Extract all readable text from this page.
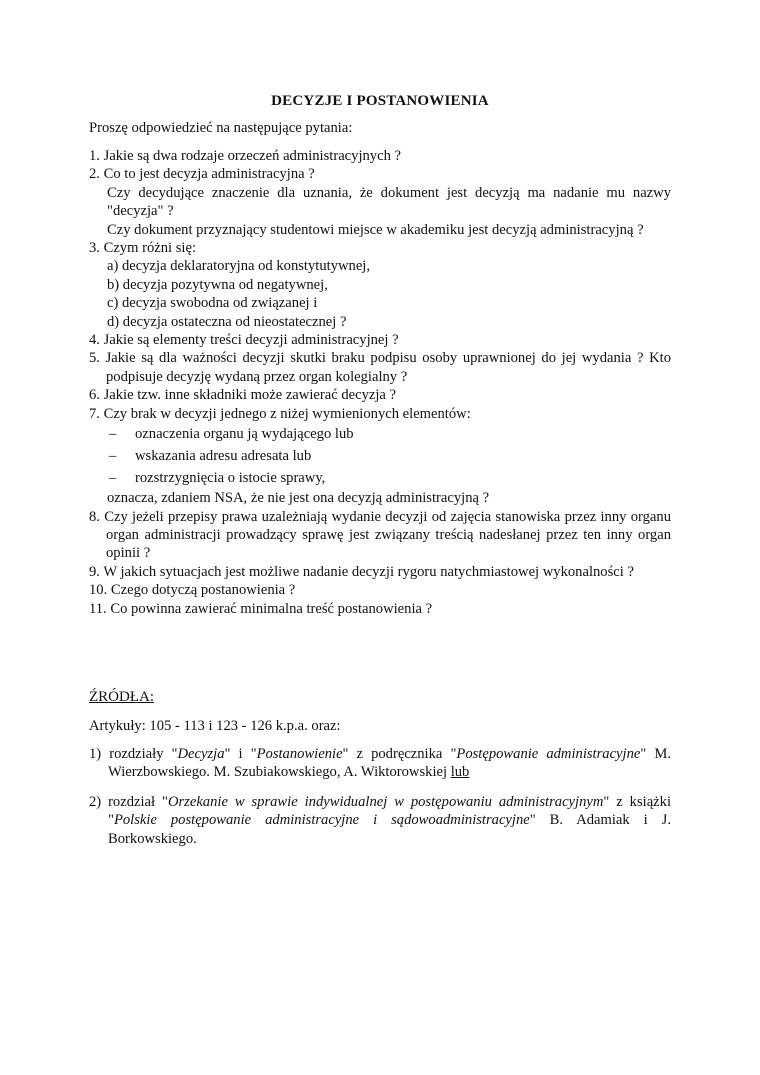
DECYZJE I POSTANOWIENIA
Proszę odpowiedzieć na następujące pytania:
1. Jakie są dwa rodzaje orzeczeń administracyjnych ?
2. Co to jest decyzja administracyjna ?
Czy decydujące znaczenie dla uznania, że dokument jest decyzją ma nadanie mu nazwy "decyzja" ?
Czy dokument przyznający studentowi miejsce w akademiku jest decyzją administracyjną ?
3. Czym różni się:
a) decyzja deklaratoryjna od konstytutywnej,
b) decyzja pozytywna od negatywnej,
c) decyzja swobodna od związanej i
d) decyzja ostateczna od nieostatecznej ?
4. Jakie są elementy treści decyzji administracyjnej ?
5. Jakie są dla ważności decyzji skutki braku podpisu osoby uprawnionej do jej wydania ? Kto podpisuje decyzję wydaną przez organ kolegialny ?
6. Jakie tzw. inne składniki może zawierać decyzja ?
7. Czy brak w decyzji jednego z niżej wymienionych elementów:
– oznaczenia organu ją wydającego lub
– wskazania adresu adresata lub
– rozstrzygnięcia o istocie sprawy,
oznacza, zdaniem NSA, że nie jest ona decyzją administracyjną ?
8. Czy jeżeli przepisy prawa uzależniają wydanie decyzji od zajęcia stanowiska przez inny organu organ administracji prowadzący sprawę jest związany treścią nadesłanej przez ten inny organ opinii ?
9. W jakich sytuacjach jest możliwe nadanie decyzji rygoru natychmiastowej wykonalności ?
10. Czego dotyczą postanowienia ?
11. Co powinna zawierać minimalna treść postanowienia ?
ŹRÓDŁA:
Artykuły: 105 - 113 i 123 - 126 k.p.a. oraz:
1) rozdziały "Decyzja" i "Postanowienie" z podręcznika "Postępowanie administracyjne" M. Wierzbowskiego. M. Szubiakowskiego, A. Wiktorowskiej lub
2) rozdział "Orzekanie w sprawie indywidualnej w postępowaniu administracyjnym" z książki "Polskie postępowanie administracyjne i sądowoadministracyjne" B. Adamiak i J. Borkowskiego.
